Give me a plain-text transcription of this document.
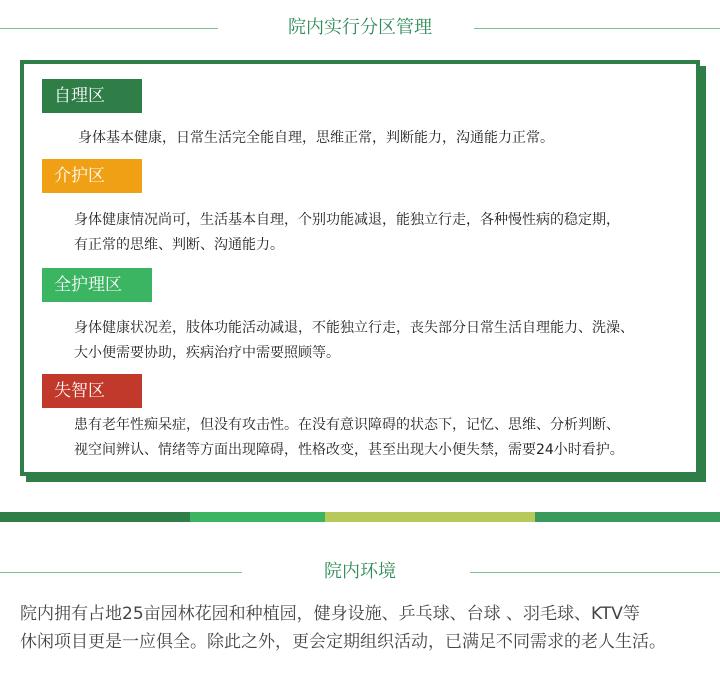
院内实行分区管理
自理区

身体基本健康，日常生活完全能自理，思维正常，判断能力，沟通能力正常。

介护区

身体健康情况尚可，生活基本自理，个别功能减退，能独立行走，各种慢性病的稳定期，

有正常的思维、判断、沟通能力。

全护理区

身体健康状况差，肢体功能活动减退，不能独立行走，丧失部分日常生活自理能力、洗澡、

大小便需要协助，疾病治疗中需要照顾等。

失智区

患有老年性痴呆症，但没有攻击性。在没有意识障碍的状态下，记忆、思维、分析判断、

视空间辨认、情绪等方面出现障碍，性格改变，甚至出现大小便失禁，需要24小时看护。

院内环境

院内拥有占地25亩园林花园和种植园，健身设施、乒乓球、台球 、羽毛球、KTV等

休闲项目更是一应俱全。除此之外，更会定期组织活动，已满足不同需求的老人生活。
